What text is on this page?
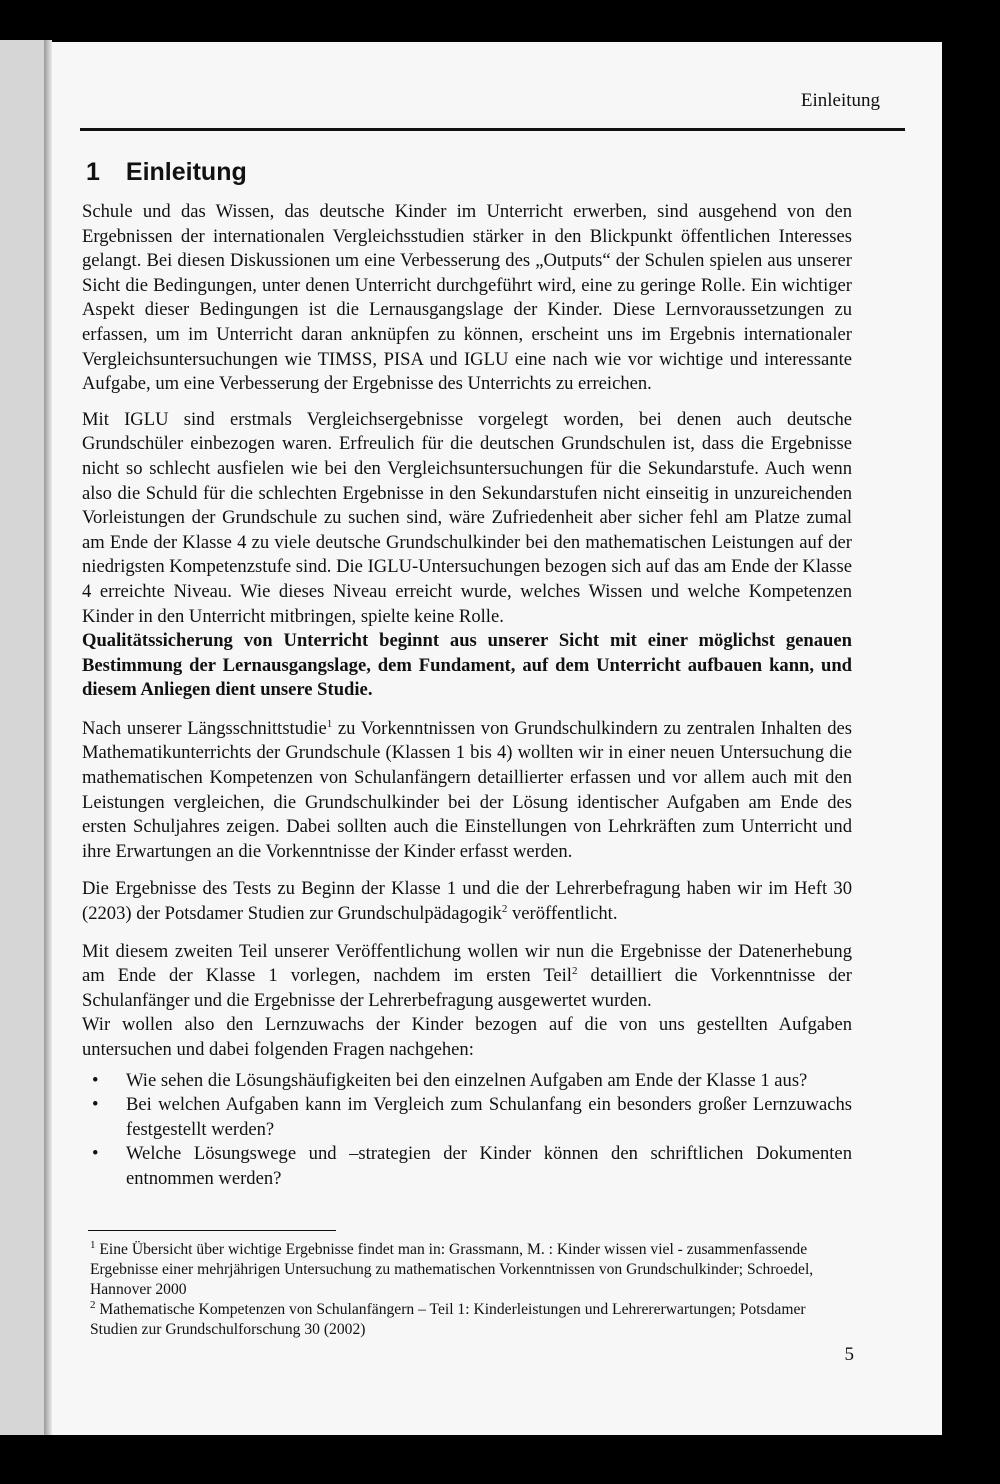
Einleitung
1 Einleitung

Schule und das Wissen, das deutsche Kinder im Unterricht erwerben, sind ausgehend von den Ergebnissen der internationalen Vergleichsstudien stärker in den Blickpunkt öffentlichen Interesses gelangt. Bei diesen Diskussionen um eine Verbesserung des „Outputs“ der Schulen spielen aus unserer Sicht die Bedingungen, unter denen Unterricht durchgeführt wird, eine zu geringe Rolle. Ein wichtiger Aspekt dieser Bedingungen ist die Lernausgangslage der Kinder. Diese Lernvoraussetzungen zu erfassen, um im Unterricht daran anknüpfen zu können, erscheint uns im Ergebnis internationaler Vergleichsuntersuchungen wie TIMSS, PISA und IGLU eine nach wie vor wichtige und interessante Aufgabe, um eine Verbesserung der Ergebnisse des Unterrichts zu erreichen.

Mit IGLU sind erstmals Vergleichsergebnisse vorgelegt worden, bei denen auch deutsche Grundschüler einbezogen waren. Erfreulich für die deutschen Grundschulen ist, dass die Ergebnisse nicht so schlecht ausfielen wie bei den Vergleichsuntersuchungen für die Sekundarstufe. Auch wenn also die Schuld für die schlechten Ergebnisse in den Sekundarstufen nicht einseitig in unzureichenden Vorleistungen der Grundschule zu suchen sind, wäre Zufriedenheit aber sicher fehl am Platze zumal am Ende der Klasse 4 zu viele deutsche Grundschulkinder bei den mathematischen Leistungen auf der niedrigsten Kompetenzstufe sind. Die IGLU-Untersuchungen bezogen sich auf das am Ende der Klasse 4 erreichte Niveau. Wie dieses Niveau erreicht wurde, welches Wissen und welche Kompetenzen Kinder in den Unterricht mitbringen, spielte keine Rolle.

Qualitätssicherung von Unterricht beginnt aus unserer Sicht mit einer möglichst genauen Bestimmung der Lernausgangslage, dem Fundament, auf dem Unterricht aufbauen kann, und diesem Anliegen dient unsere Studie.

Nach unserer Längsschnittstudie$^1$ zu Vorkenntnissen von Grundschulkindern zu zentralen Inhalten des Mathematikunterrichts der Grundschule (Klassen 1 bis 4) wollten wir in einer neuen Untersuchung die mathematischen Kompetenzen von Schulanfängern detaillierter erfassen und vor allem auch mit den Leistungen vergleichen, die Grundschulkinder bei der Lösung identischer Aufgaben am Ende des ersten Schuljahres zeigen. Dabei sollten auch die Einstellungen von Lehrkräften zum Unterricht und ihre Erwartungen an die Vorkenntnisse der Kinder erfasst werden.

Die Ergebnisse des Tests zu Beginn der Klasse 1 und die der Lehrerbefragung haben wir im Heft 30 (2203) der Potsdamer Studien zur Grundschulpädagogik$^2$ veröffentlicht.

Mit diesem zweiten Teil unserer Veröffentlichung wollen wir nun die Ergebnisse der Datenerhebung am Ende der Klasse 1 vorlegen, nachdem im ersten Teil$^2$ detailliert die Vorkenntnisse der Schulanfänger und die Ergebnisse der Lehrerbefragung ausgewertet wurden.

Wir wollen also den Lernzuwachs der Kinder bezogen auf die von uns gestellten Aufgaben untersuchen und dabei folgenden Fragen nachgehen:

• Wie sehen die Lösungshäufigkeiten bei den einzelnen Aufgaben am Ende der Klasse 1 aus?
• Bei welchen Aufgaben kann im Vergleich zum Schulanfang ein besonders großer Lernzuwachs festgestellt werden?
• Welche Lösungswege und –strategien der Kinder können den schriftlichen Dokumenten entnommen werden?
$^1$ Eine Übersicht über wichtige Ergebnisse findet man in: Grassmann, M. : Kinder wissen viel - zusammenfassende Ergebnisse einer mehrjährigen Untersuchung zu mathematischen Vorkenntnissen von Grundschulkinder; Schroedel, Hannover 2000
$^2$ Mathematische Kompetenzen von Schulanfängern – Teil 1: Kinderleistungen und Lehrererwartungen; Potsdamer Studien zur Grundschulforschung 30 (2002)
5
